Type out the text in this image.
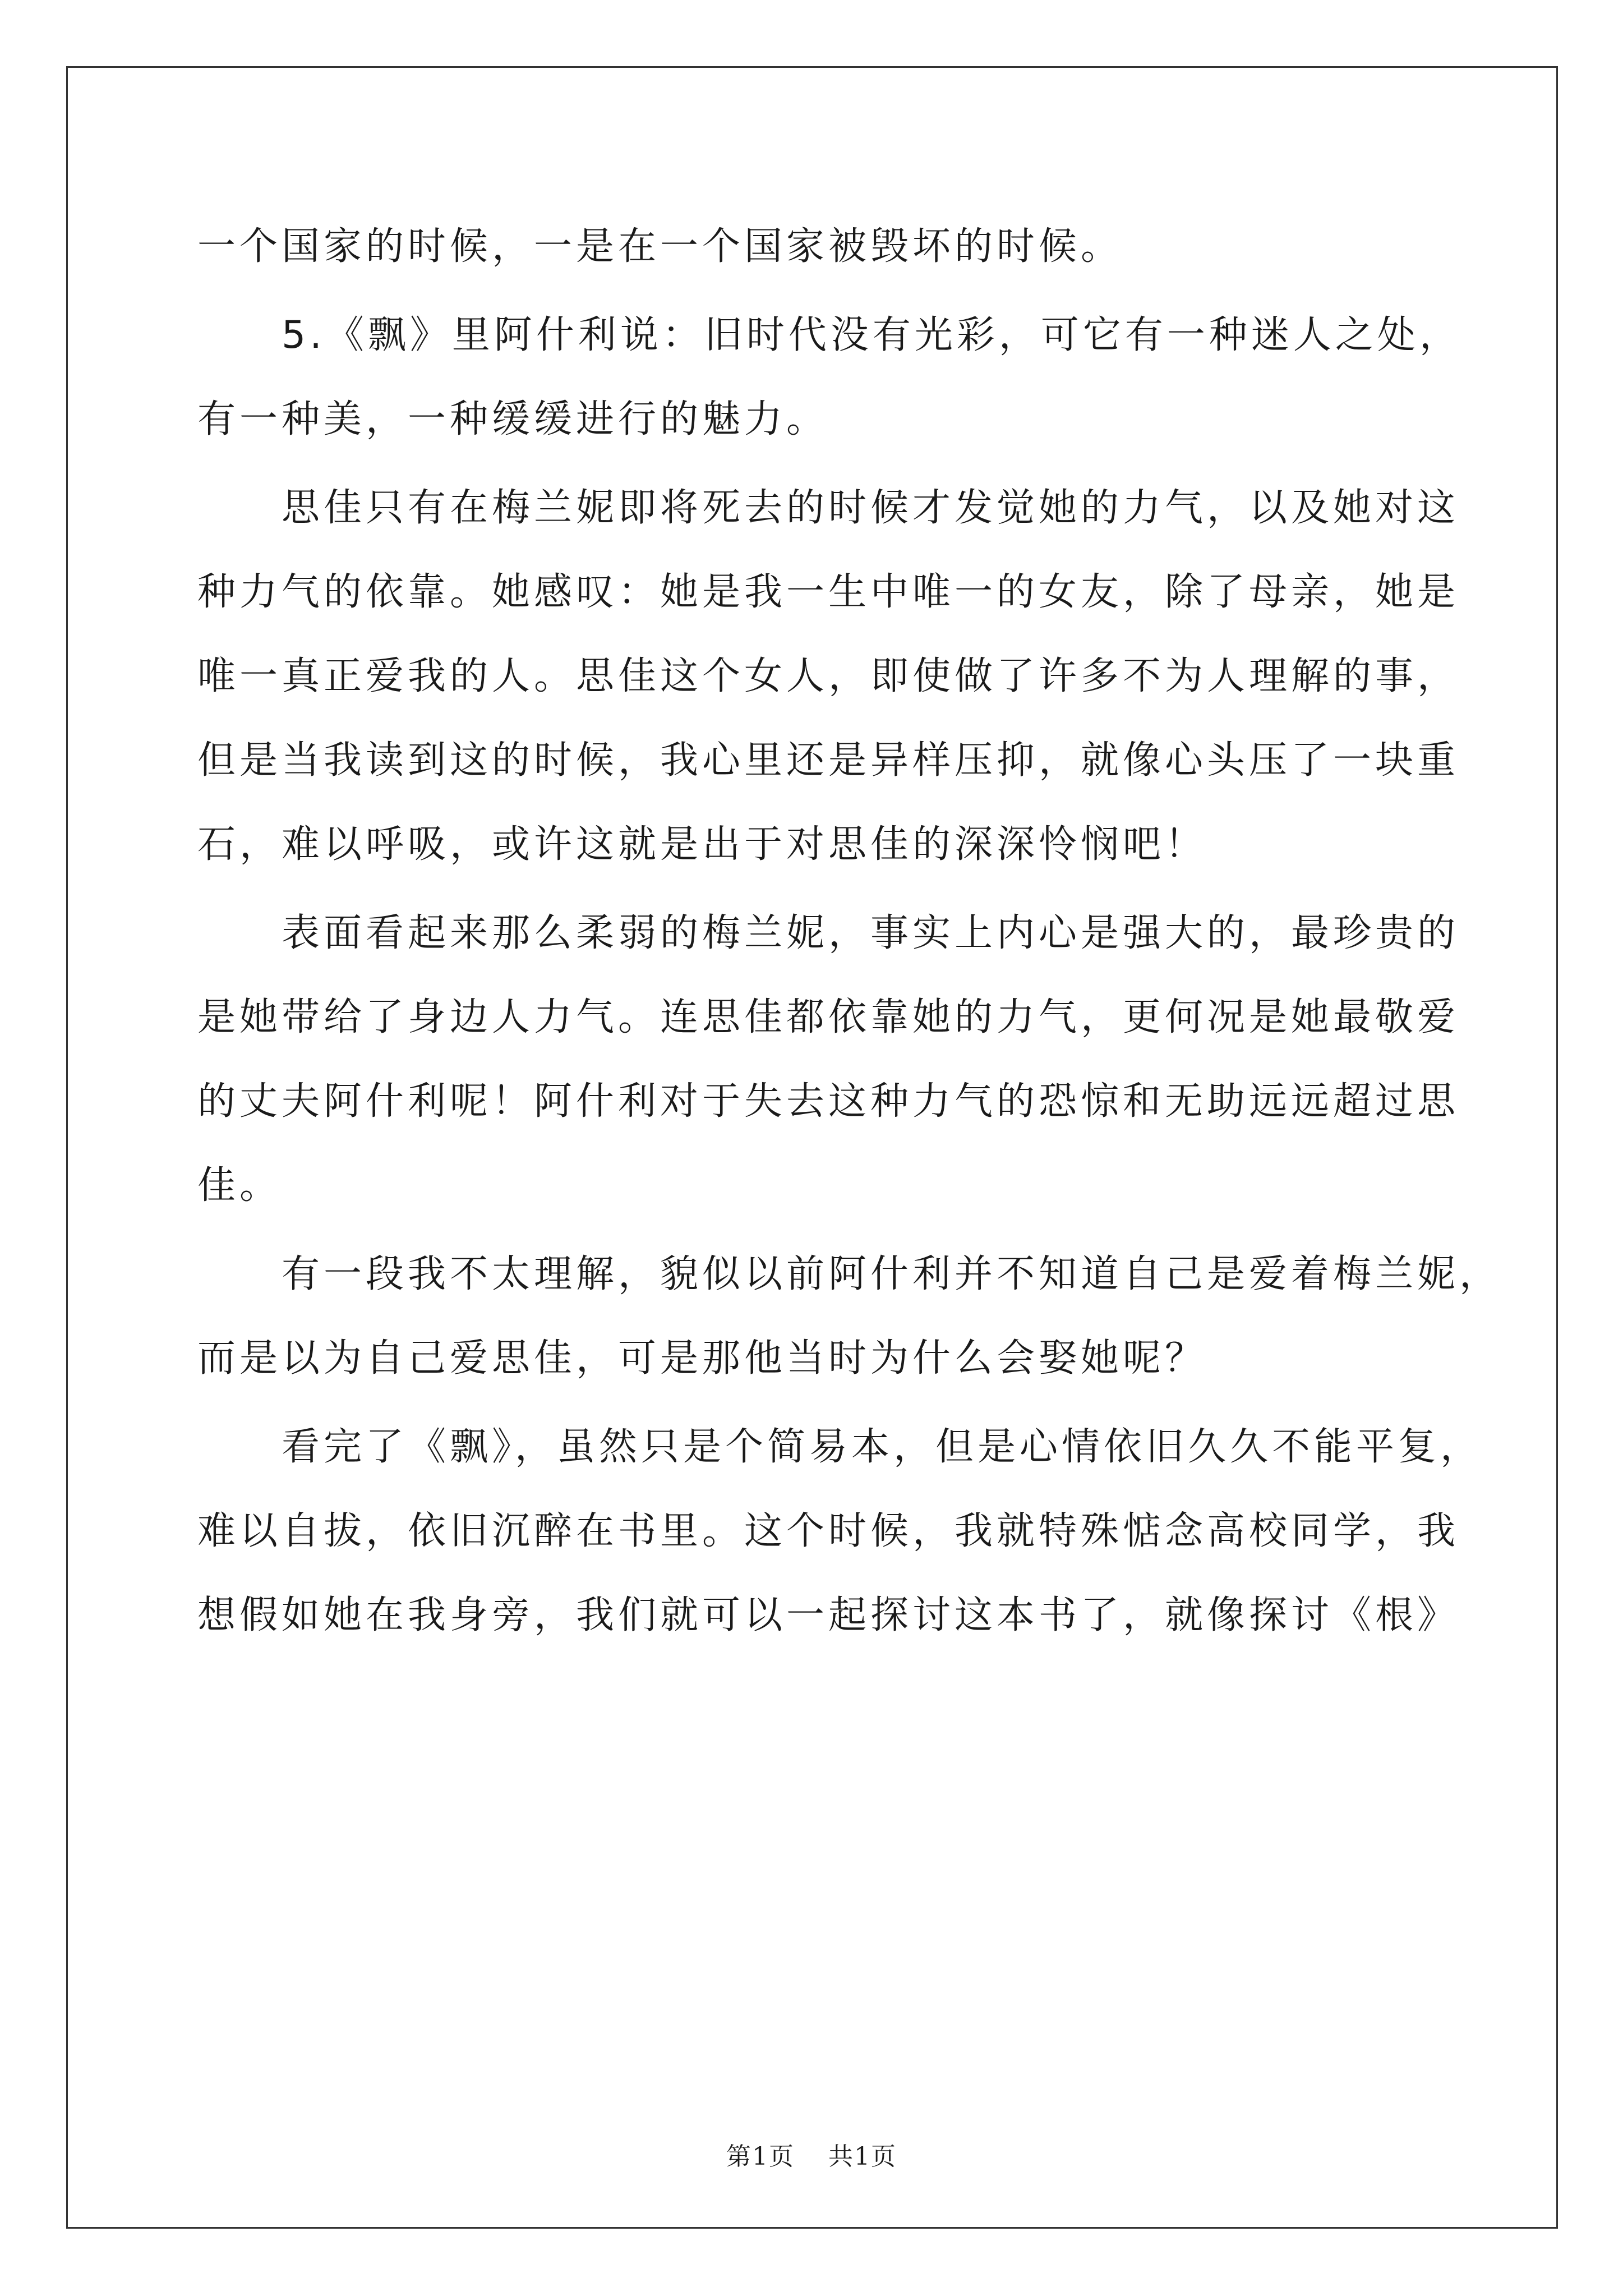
一个国家的时候，一是在一个国家被毁坏的时候。
5.《飘》里阿什利说：旧时代没有光彩，可它有一种迷人之处，
有一种美，一种缓缓进行的魅力。
思佳只有在梅兰妮即将死去的时候才发觉她的力气，以及她对这
种力气的依靠。她感叹：她是我一生中唯一的女友，除了母亲，她是
唯一真正爱我的人。思佳这个女人，即使做了许多不为人理解的事，
但是当我读到这的时候，我心里还是异样压抑，就像心头压了一块重
石，难以呼吸，或许这就是出于对思佳的深深怜悯吧！
表面看起来那么柔弱的梅兰妮，事实上内心是强大的，最珍贵的
是她带给了身边人力气。连思佳都依靠她的力气，更何况是她最敬爱
的丈夫阿什利呢！阿什利对于失去这种力气的恐惊和无助远远超过思
佳。
有一段我不太理解，貌似以前阿什利并不知道自己是爱着梅兰妮，
而是以为自己爱思佳，可是那他当时为什么会娶她呢？
看完了《飘》，虽然只是个简易本，但是心情依旧久久不能平复，
难以自拔，依旧沉醉在书里。这个时候，我就特殊惦念高校同学，我
想假如她在我身旁，我们就可以一起探讨这本书了，就像探讨《根》
第1页 共1页
